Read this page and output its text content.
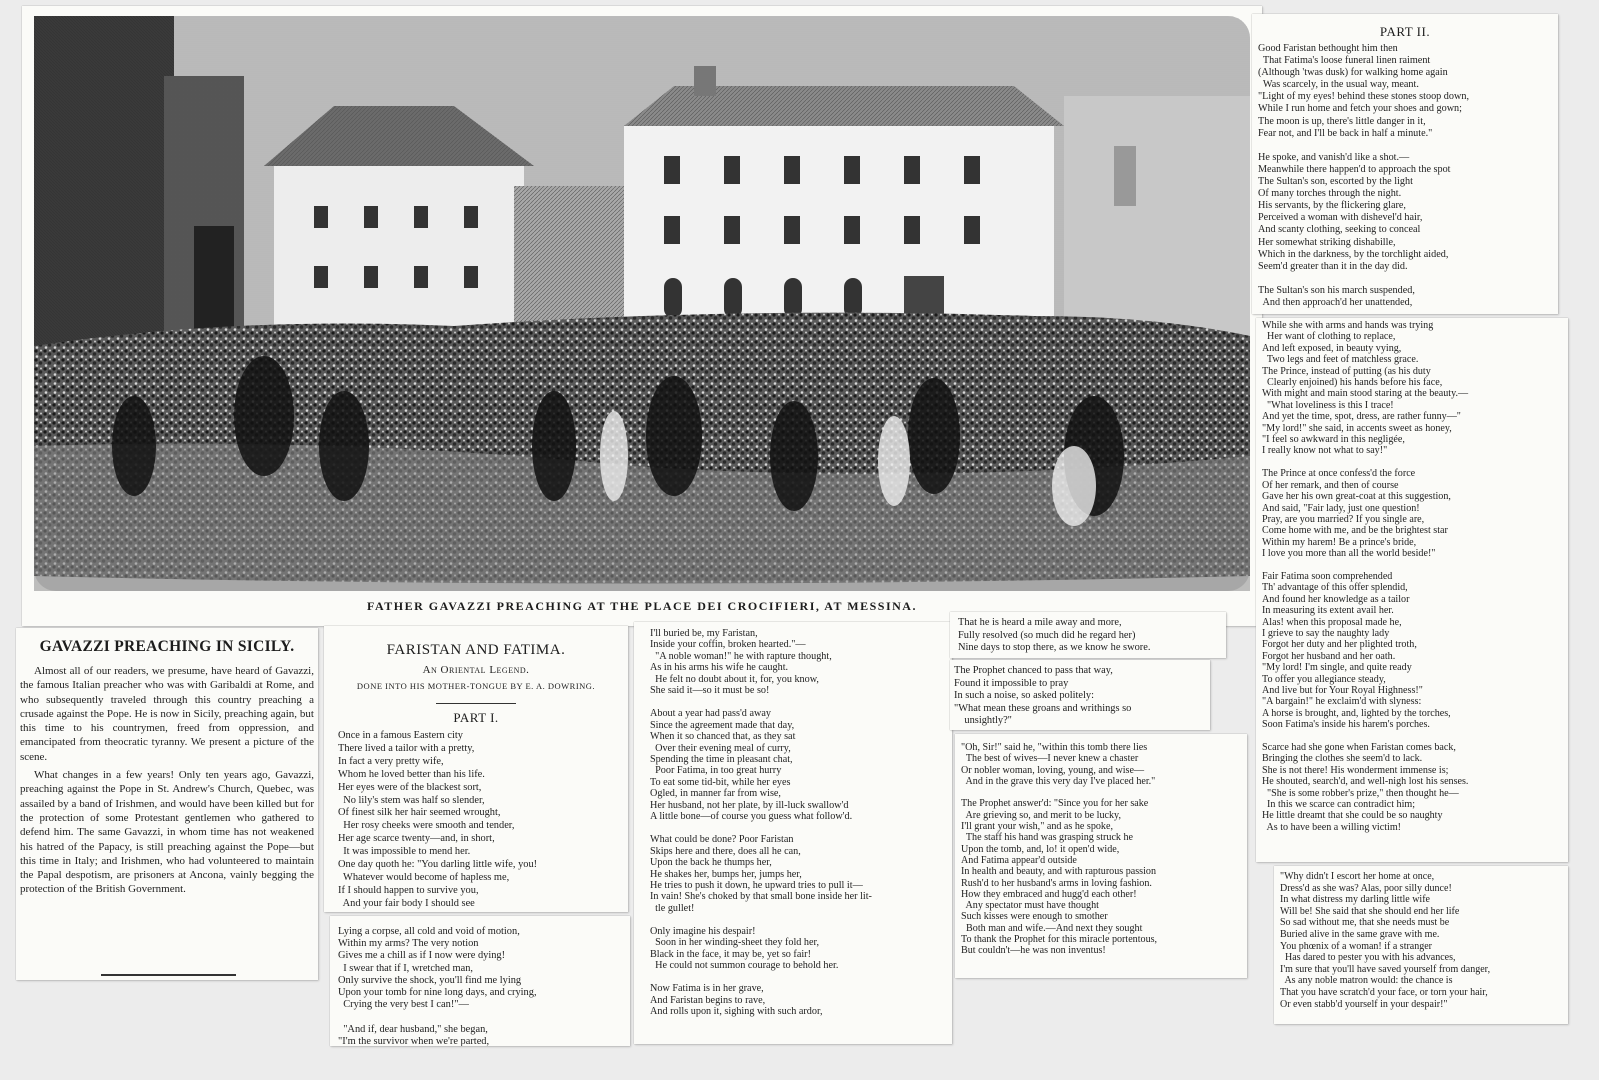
FATHER GAVAZZI PREACHING AT THE PLACE DEI CROCIFIERI, AT MESSINA.
GAVAZZI PREACHING IN SICILY.

Almost all of our readers, we presume, have heard of Gavazzi, the famous Italian preacher who was with Garibaldi at Rome, and who subsequently traveled through this country preaching a crusade against the Pope. He is now in Sicily, preaching again, but this time to his countrymen, freed from oppression, and emancipated from theocratic tyranny. We present a picture of the scene.

What changes in a few years! Only ten years ago, Gavazzi, preaching against the Pope in St. Andrew's Church, Quebec, was assailed by a band of Irishmen, and would have been killed but for the protection of some Protestant gentlemen who gathered to defend him. The same Gavazzi, in whom time has not weakened his hatred of the Papacy, is still preaching against the Pope—but this time in Italy; and Irishmen, who had volunteered to maintain the Papal despotism, are prisoners at Ancona, vainly begging the protection of the British Government.

FARISTAN AND FATIMA.
An Oriental Legend.
DONE INTO HIS MOTHER-TONGUE BY E. A. DOWRING.
PART I.
Once in a famous Eastern city
There lived a tailor with a pretty,
In fact a very pretty wife,
Whom he loved better than his life.
Her eyes were of the blackest sort,
No lily's stem was half so slender,
Of finest silk her hair seemed wrought,
Her rosy cheeks were smooth and tender,
Her age scarce twenty—and, in short,
It was impossible to mend her.
One day quoth he: "You darling little wife, you!
Whatever would become of hapless me,
If I should happen to survive you,
And your fair body I should see
Lying a corpse, all cold and void of motion,
Within my arms? The very notion
Gives me a chill as if I now were dying!
I swear that if I, wretched man,
Only survive the shock, you'll find me lying
Upon your tomb for nine long days, and crying,
Crying the very best I can!"—

"And if, dear husband," she began,
"I'm the survivor when we're parted,
I'll buried be, my Faristan,
Inside your coffin, broken hearted."—
"A noble woman!" he with rapture thought,
As in his arms his wife he caught.
He felt no doubt about it, for, you know,
She said it—so it must be so!

About a year had pass'd away
Since the agreement made that day,
When it so chanced that, as they sat
Over their evening meal of curry,
Spending the time in pleasant chat,
Poor Fatima, in too great hurry
To eat some tid-bit, while her eyes
Ogled, in manner far from wise,
Her husband, not her plate, by ill-luck swallow'd
A little bone—of course you guess what follow'd.

What could be done? Poor Faristan
Skips here and there, does all he can,
Upon the back he thumps her,
He shakes her, bumps her, jumps her,
He tries to push it down, he upward tries to pull it—
In vain! She's choked by that small bone inside her lit-
tle gullet!

Only imagine his despair!
Soon in her winding-sheet they fold her,
Black in the face, it may be, yet so fair!
He could not summon courage to behold her.

Now Fatima is in her grave,
And Faristan begins to rave,
And rolls upon it, sighing with such ardor,
That he is heard a mile away and more,
Fully resolved (so much did he regard her)
Nine days to stop there, as we know he swore.
The Prophet chanced to pass that way,
Found it impossible to pray
In such a noise, so asked politely:
"What mean these groans and writhings so
unsightly?"
"Oh, Sir!" said he, "within this tomb there lies
The best of wives—I never knew a chaster
Or nobler woman, loving, young, and wise—
And in the grave this very day I've placed her."

The Prophet answer'd: "Since you for her sake
Are grieving so, and merit to be lucky,
I'll grant your wish," and as he spoke,
The staff his hand was grasping struck he
Upon the tomb, and, lo! it open'd wide,
And Fatima appear'd outside
In health and beauty, and with rapturous passion
Rush'd to her husband's arms in loving fashion.
How they embraced and hugg'd each other!
Any spectator must have thought
Such kisses were enough to smother
Both man and wife.—And next they sought
To thank the Prophet for this miracle portentous,
But couldn't—he was non inventus!
PART II.
Good Faristan bethought him then
That Fatima's loose funeral linen raiment
(Although 'twas dusk) for walking home again
Was scarcely, in the usual way, meant.
"Light of my eyes! behind these stones stoop down,
While I run home and fetch your shoes and gown;
The moon is up, there's little danger in it,
Fear not, and I'll be back in half a minute."

He spoke, and vanish'd like a shot.—
Meanwhile there happen'd to approach the spot
The Sultan's son, escorted by the light
Of many torches through the night.
His servants, by the flickering glare,
Perceived a woman with dishevel'd hair,
And scanty clothing, seeking to conceal
Her somewhat striking dishabille,
Which in the darkness, by the torchlight aided,
Seem'd greater than it in the day did.

The Sultan's son his march suspended,
And then approach'd her unattended,
While she with arms and hands was trying
Her want of clothing to replace,
And left exposed, in beauty vying,
Two legs and feet of matchless grace.
The Prince, instead of putting (as his duty
Clearly enjoined) his hands before his face,
With might and main stood staring at the beauty.—
"What loveliness is this I trace!
And yet the time, spot, dress, are rather funny—"
"My lord!" she said, in accents sweet as honey,
"I feel so awkward in this negligée,
I really know not what to say!"

The Prince at once confess'd the force
Of her remark, and then of course
Gave her his own great-coat at this suggestion,
And said, "Fair lady, just one question!
Pray, are you married? If you single are,
Come home with me, and be the brightest star
Within my harem! Be a prince's bride,
I love you more than all the world beside!"

Fair Fatima soon comprehended
Th' advantage of this offer splendid,
And found her knowledge as a tailor
In measuring its extent avail her.
Alas! when this proposal made he,
I grieve to say the naughty lady
Forgot her duty and her plighted troth,
Forgot her husband and her oath.
"My lord! I'm single, and quite ready
To offer you allegiance steady,
And live but for Your Royal Highness!"
"A bargain!" he exclaim'd with slyness:
A horse is brought, and, lighted by the torches,
Soon Fatima's inside his harem's porches.

Scarce had she gone when Faristan comes back,
Bringing the clothes she seem'd to lack.
She is not there! His wonderment immense is;
He shouted, search'd, and well-nigh lost his senses.
"She is some robber's prize," then thought he—
In this we scarce can contradict him;
He little dreamt that she could be so naughty
As to have been a willing victim!
"Why didn't I escort her home at once,
Dress'd as she was? Alas, poor silly dunce!
In what distress my darling little wife
Will be! She said that she should end her life
So sad without me, that she needs must be
Buried alive in the same grave with me.
You phœnix of a woman! if a stranger
Has dared to pester you with his advances,
I'm sure that you'll have saved yourself from danger,
As any noble matron would: the chance is
That you have scratch'd your face, or torn your hair,
Or even stabb'd yourself in your despair!"
